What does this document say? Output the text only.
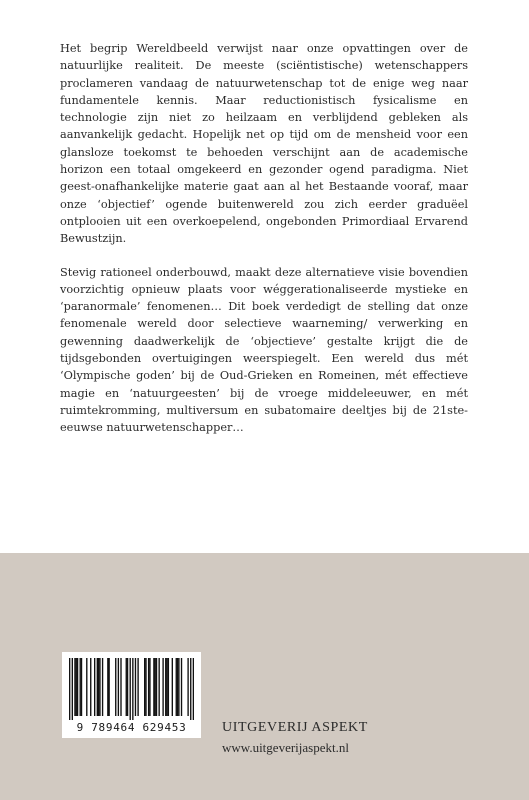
Het begrip Wereldbeeld verwijst naar onze opvattingen over de natuurlijke realiteit. De meeste (sciëntistische) wetenschappers proclameren vandaag de natuurwetenschap tot de enige weg naar fundamentele kennis. Maar reductionistisch fysicalisme en technologie zijn niet zo heilzaam en verblijdend gebleken als aanvankelijk gedacht. Hopelijk net op tijd om de mensheid voor een glansloze toekomst te behoeden verschijnt aan de academische horizon een totaal omgekeerd en gezonder ogend paradigma. Niet geest-onafhankelijke materie gaat aan al het Bestaande vooraf, maar onze ‘objectief’ ogende buitenwereld zou zich eerder graduëel ontplooien uit een overkoepelend, ongebonden Primordiaal Ervarend Bewustzijn.

Stevig rationeel onderbouwd, maakt deze alternatieve visie bovendien voorzichtig opnieuw plaats voor wéggerationaliseerde mystieke en ‘paranormale’ fenomenen… Dit boek verdedigt de stelling dat onze fenomenale wereld door selectieve waarneming/ verwerking en gewenning daadwerkelijk de ‘objectieve’ gestalte krijgt die de tijdsgebonden overtuigingen weerspiegelt. Een wereld dus mét ‘Olympische goden’ bij de Oud-Grieken en Romeinen, mét effectieve magie en ‘natuurgeesten’ bij de vroege middeleeuwer, en mét ruimtekromming, multiversum en subatomaire deeltjes bij de 21ste-eeuwse natuurwetenschapper…

9 789464 629453	UITGEVERIJ ASPEKT
www.uitgeverijaspekt.nl
